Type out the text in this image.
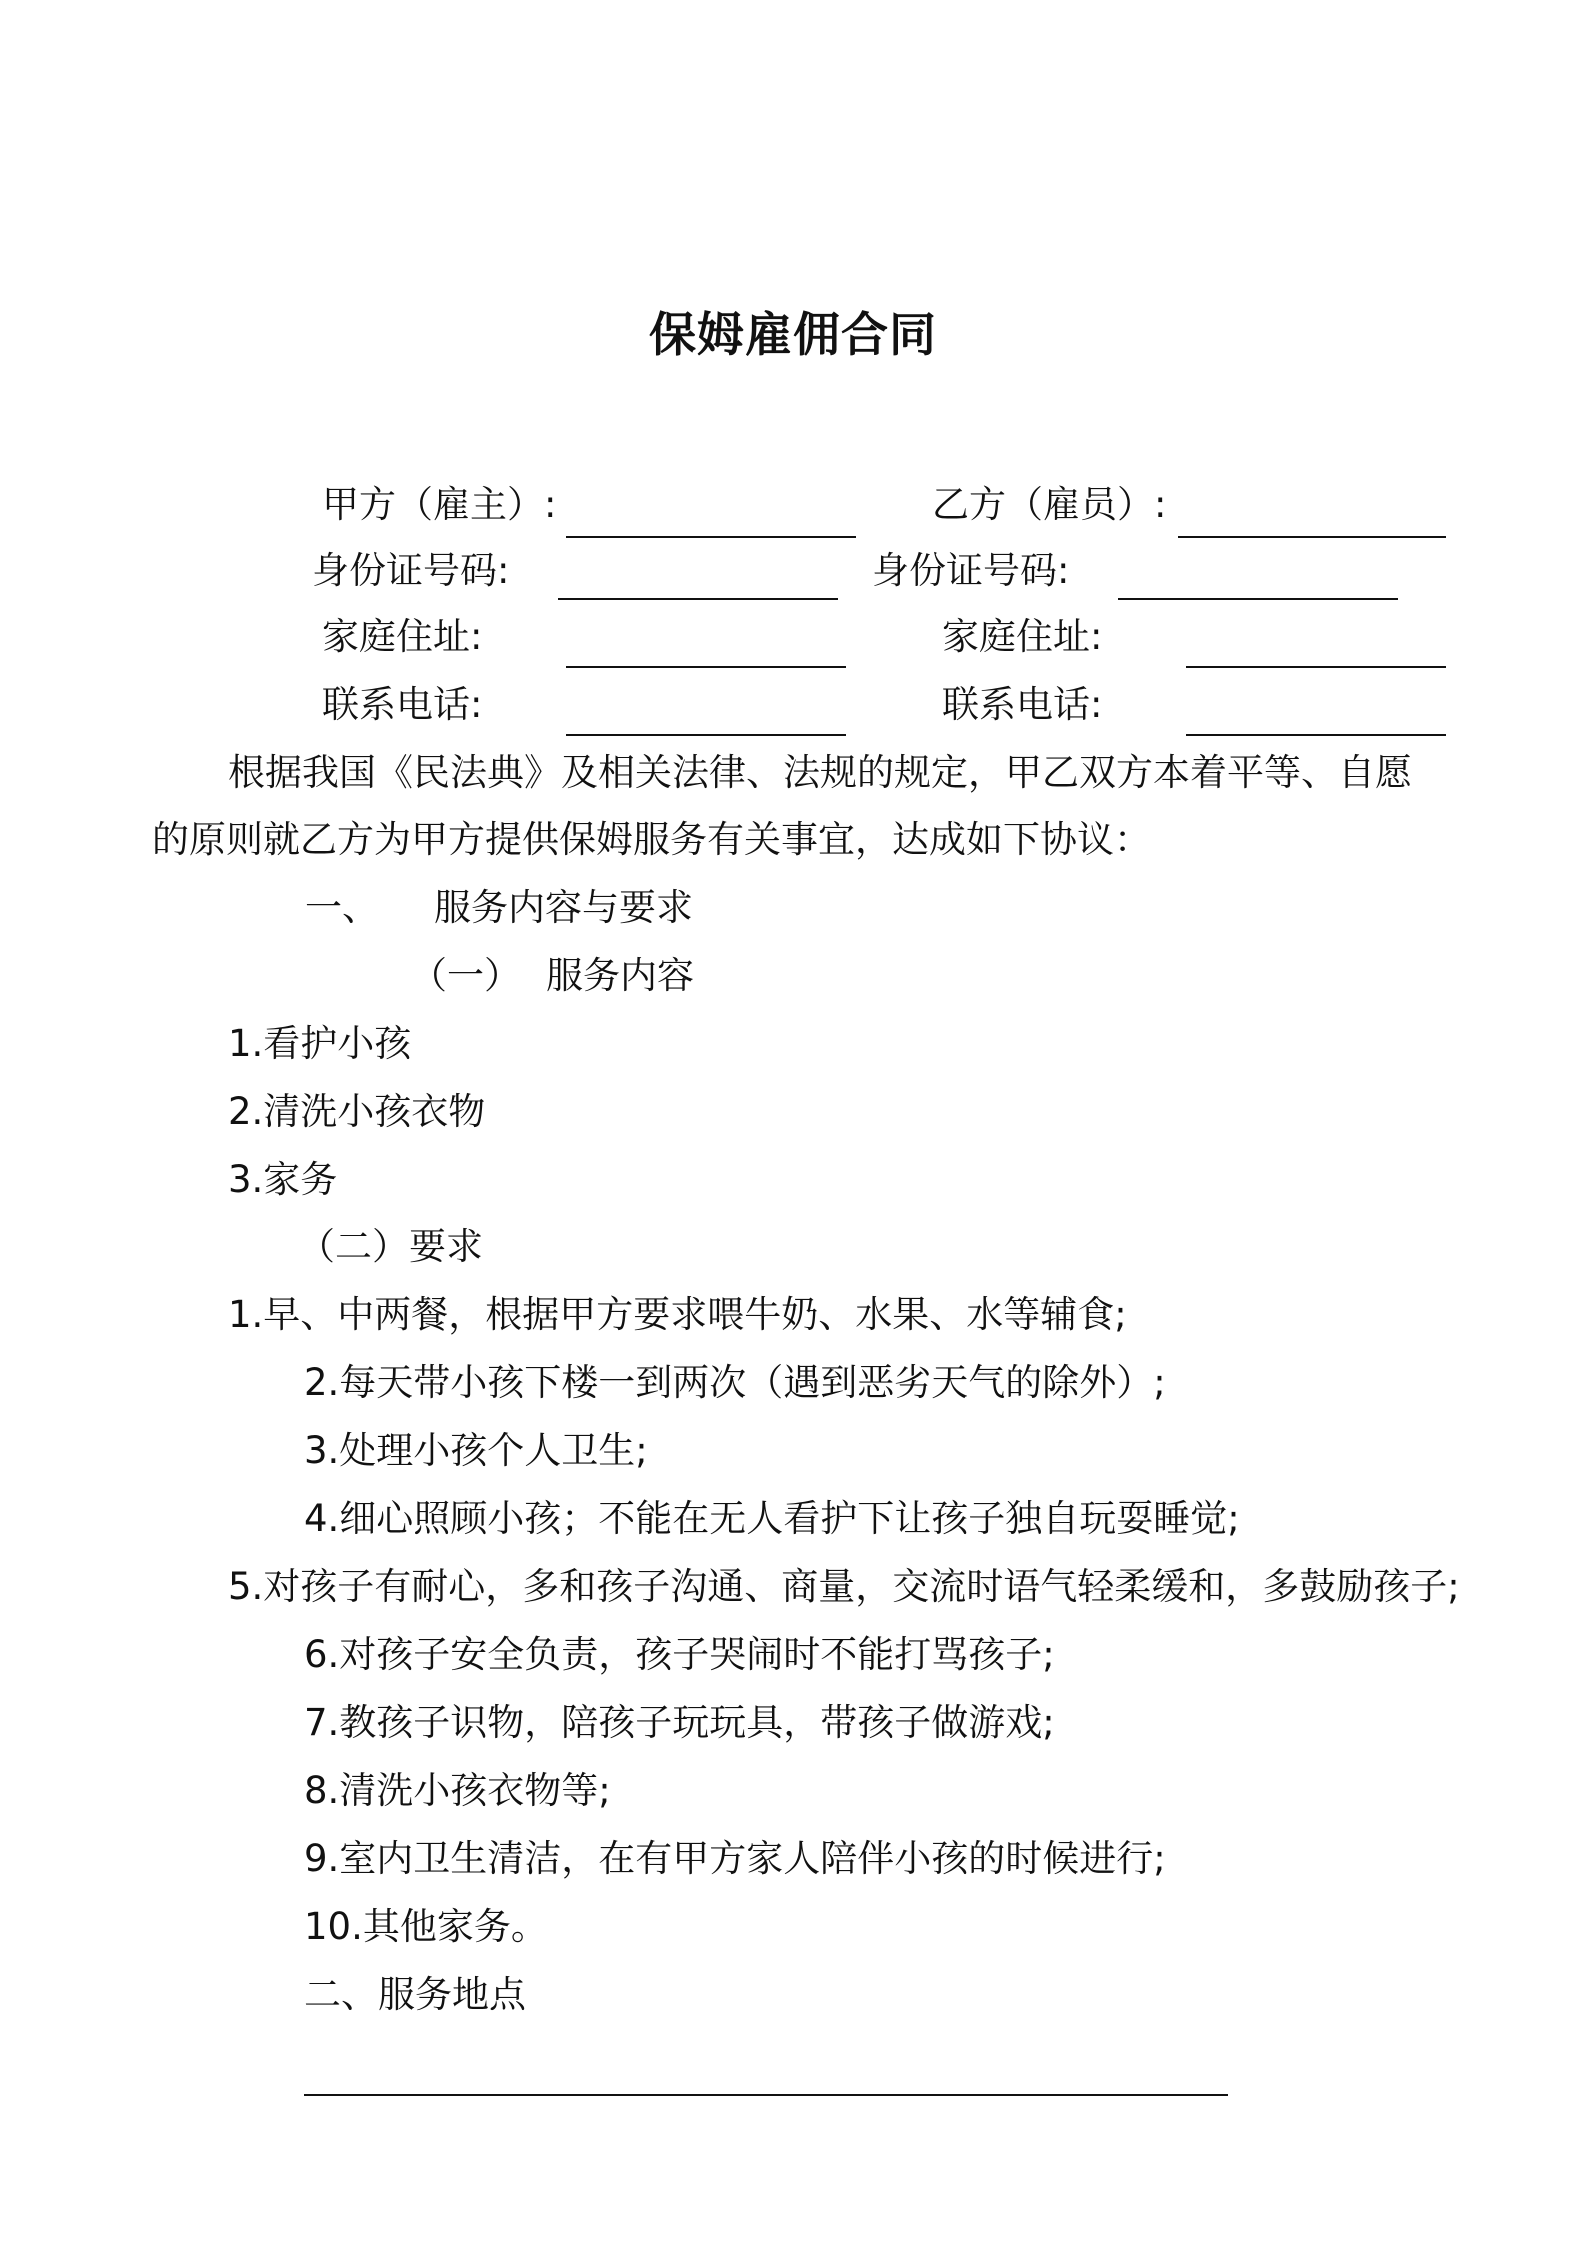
保姆雇佣合同
甲方（雇主）:	乙方（雇员）:
身份证号码:	身份证号码:
家庭住址:	家庭住址:
联系电话:	联系电话:
根据我国《民法典》及相关法律、法规的规定，甲乙双方本着平等、自愿
的原则就乙方为甲方提供保姆服务有关事宜，达成如下协议：
一、 服务内容与要求
（一） 服务内容
1.看护小孩
2.清洗小孩衣物
3.家务
（二）要求
1.早、中两餐，根据甲方要求喂牛奶、水果、水等辅食;
2.每天带小孩下楼一到两次（遇到恶劣天气的除外）;
3.处理小孩个人卫生;
4.细心照顾小孩；不能在无人看护下让孩子独自玩耍睡觉;
5.对孩子有耐心，多和孩子沟通、商量，交流时语气轻柔缓和，多鼓励孩子;
6.对孩子安全负责，孩子哭闹时不能打骂孩子;
7.教孩子识物，陪孩子玩玩具，带孩子做游戏;
8.清洗小孩衣物等;
9.室内卫生清洁，在有甲方家人陪伴小孩的时候进行;
10.其他家务。
二、服务地点
